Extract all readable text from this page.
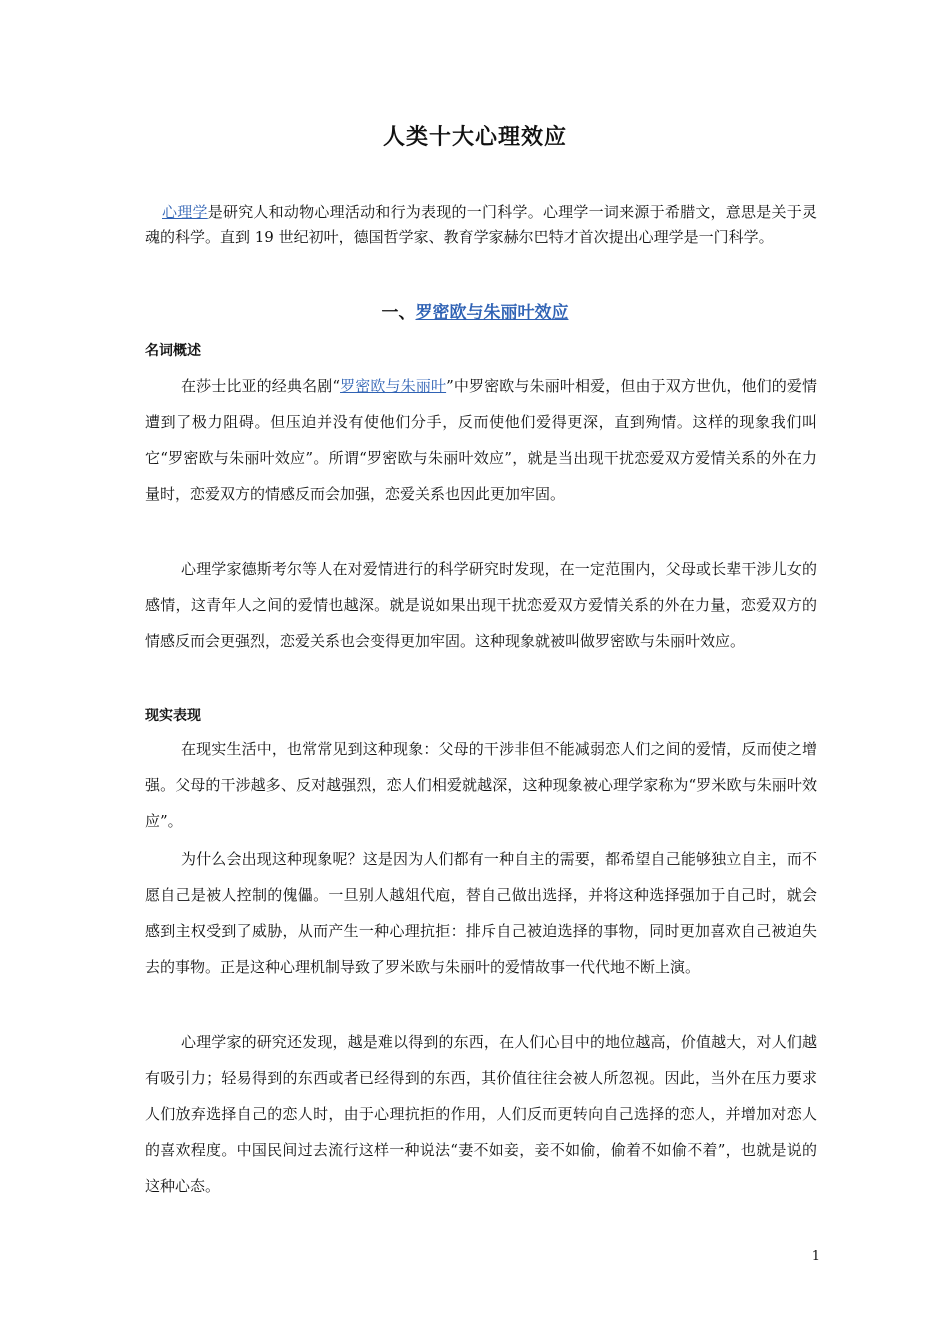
人类十大心理效应
心理学是研究人和动物心理活动和行为表现的一门科学。心理学一词来源于希腊文，意思是关于灵魂的科学。直到 19 世纪初叶，德国哲学家、教育学家赫尔巴特才首次提出心理学是一门科学。
一、罗密欧与朱丽叶效应
名词概述
在莎士比亚的经典名剧“罗密欧与朱丽叶”中罗密欧与朱丽叶相爱，但由于双方世仇，他们的爱情遭到了极力阻碍。但压迫并没有使他们分手，反而使他们爱得更深，直到殉情。这样的现象我们叫它“罗密欧与朱丽叶效应”。所谓“罗密欧与朱丽叶效应”，就是当出现干扰恋爱双方爱情关系的外在力量时，恋爱双方的情感反而会加强，恋爱关系也因此更加牢固。
心理学家德斯考尔等人在对爱情进行的科学研究时发现，在一定范围内，父母或长辈干涉儿女的感情，这青年人之间的爱情也越深。就是说如果出现干扰恋爱双方爱情关系的外在力量，恋爱双方的情感反而会更强烈，恋爱关系也会变得更加牢固。这种现象就被叫做罗密欧与朱丽叶效应。
现实表现
在现实生活中，也常常见到这种现象：父母的干涉非但不能减弱恋人们之间的爱情，反而使之增强。父母的干涉越多、反对越强烈，恋人们相爱就越深，这种现象被心理学家称为“罗米欧与朱丽叶效应”。
为什么会出现这种现象呢？这是因为人们都有一种自主的需要，都希望自己能够独立自主，而不愿自己是被人控制的傀儡。一旦别人越俎代庖，替自己做出选择，并将这种选择强加于自己时，就会感到主权受到了威胁，从而产生一种心理抗拒：排斥自己被迫选择的事物，同时更加喜欢自己被迫失去的事物。正是这种心理机制导致了罗米欧与朱丽叶的爱情故事一代代地不断上演。
心理学家的研究还发现，越是难以得到的东西，在人们心目中的地位越高，价值越大，对人们越有吸引力；轻易得到的东西或者已经得到的东西，其价值往往会被人所忽视。因此，当外在压力要求人们放弃选择自己的恋人时，由于心理抗拒的作用，人们反而更转向自己选择的恋人，并增加对恋人的喜欢程度。中国民间过去流行这样一种说法“妻不如妾，妾不如偷，偷着不如偷不着”，也就是说的这种心态。
1
